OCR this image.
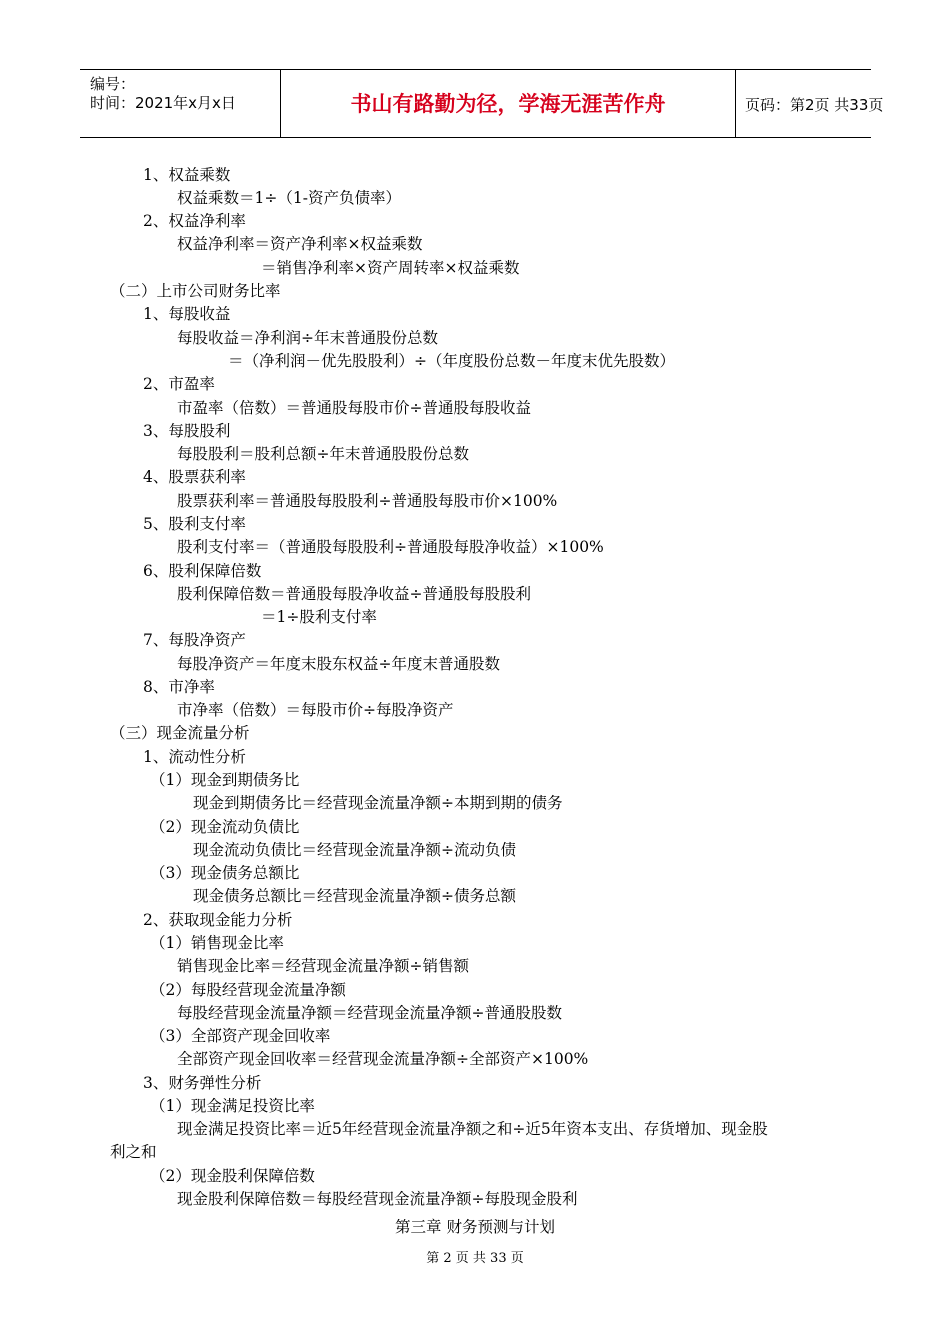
编号：
时间：2021年x月x日	书山有路勤为径，学海无涯苦作舟	页码：第2页 共33页
1、权益乘数
权益乘数＝1÷（1-资产负债率）
2、权益净利率
权益净利率＝资产净利率×权益乘数
＝销售净利率×资产周转率×权益乘数
（二）上市公司财务比率
1、每股收益
每股收益＝净利润÷年末普通股份总数
＝（净利润－优先股股利）÷（年度股份总数－年度末优先股数）
2、市盈率
市盈率（倍数）＝普通股每股市价÷普通股每股收益
3、每股股利
每股股利＝股利总额÷年末普通股股份总数
4、股票获利率
股票获利率＝普通股每股股利÷普通股每股市价×100%
5、股利支付率
股利支付率＝（普通股每股股利÷普通股每股净收益）×100%
6、股利保障倍数
股利保障倍数＝普通股每股净收益÷普通股每股股利
＝1÷股利支付率
7、每股净资产
每股净资产＝年度末股东权益÷年度末普通股数
8、市净率
市净率（倍数）＝每股市价÷每股净资产
（三）现金流量分析
1、流动性分析
（1）现金到期债务比
现金到期债务比＝经营现金流量净额÷本期到期的债务
（2）现金流动负债比
现金流动负债比＝经营现金流量净额÷流动负债
（3）现金债务总额比
现金债务总额比＝经营现金流量净额÷债务总额
2、获取现金能力分析
（1）销售现金比率
销售现金比率＝经营现金流量净额÷销售额
（2）每股经营现金流量净额
每股经营现金流量净额＝经营现金流量净额÷普通股股数
（3）全部资产现金回收率
全部资产现金回收率＝经营现金流量净额÷全部资产×100%
3、财务弹性分析
（1）现金满足投资比率
现金满足投资比率＝近5年经营现金流量净额之和÷近5年资本支出、存货增加、现金股
利之和
（2）现金股利保障倍数
现金股利保障倍数＝每股经营现金流量净额÷每股现金股利
第三章 财务预测与计划
第 2 页 共 33 页
